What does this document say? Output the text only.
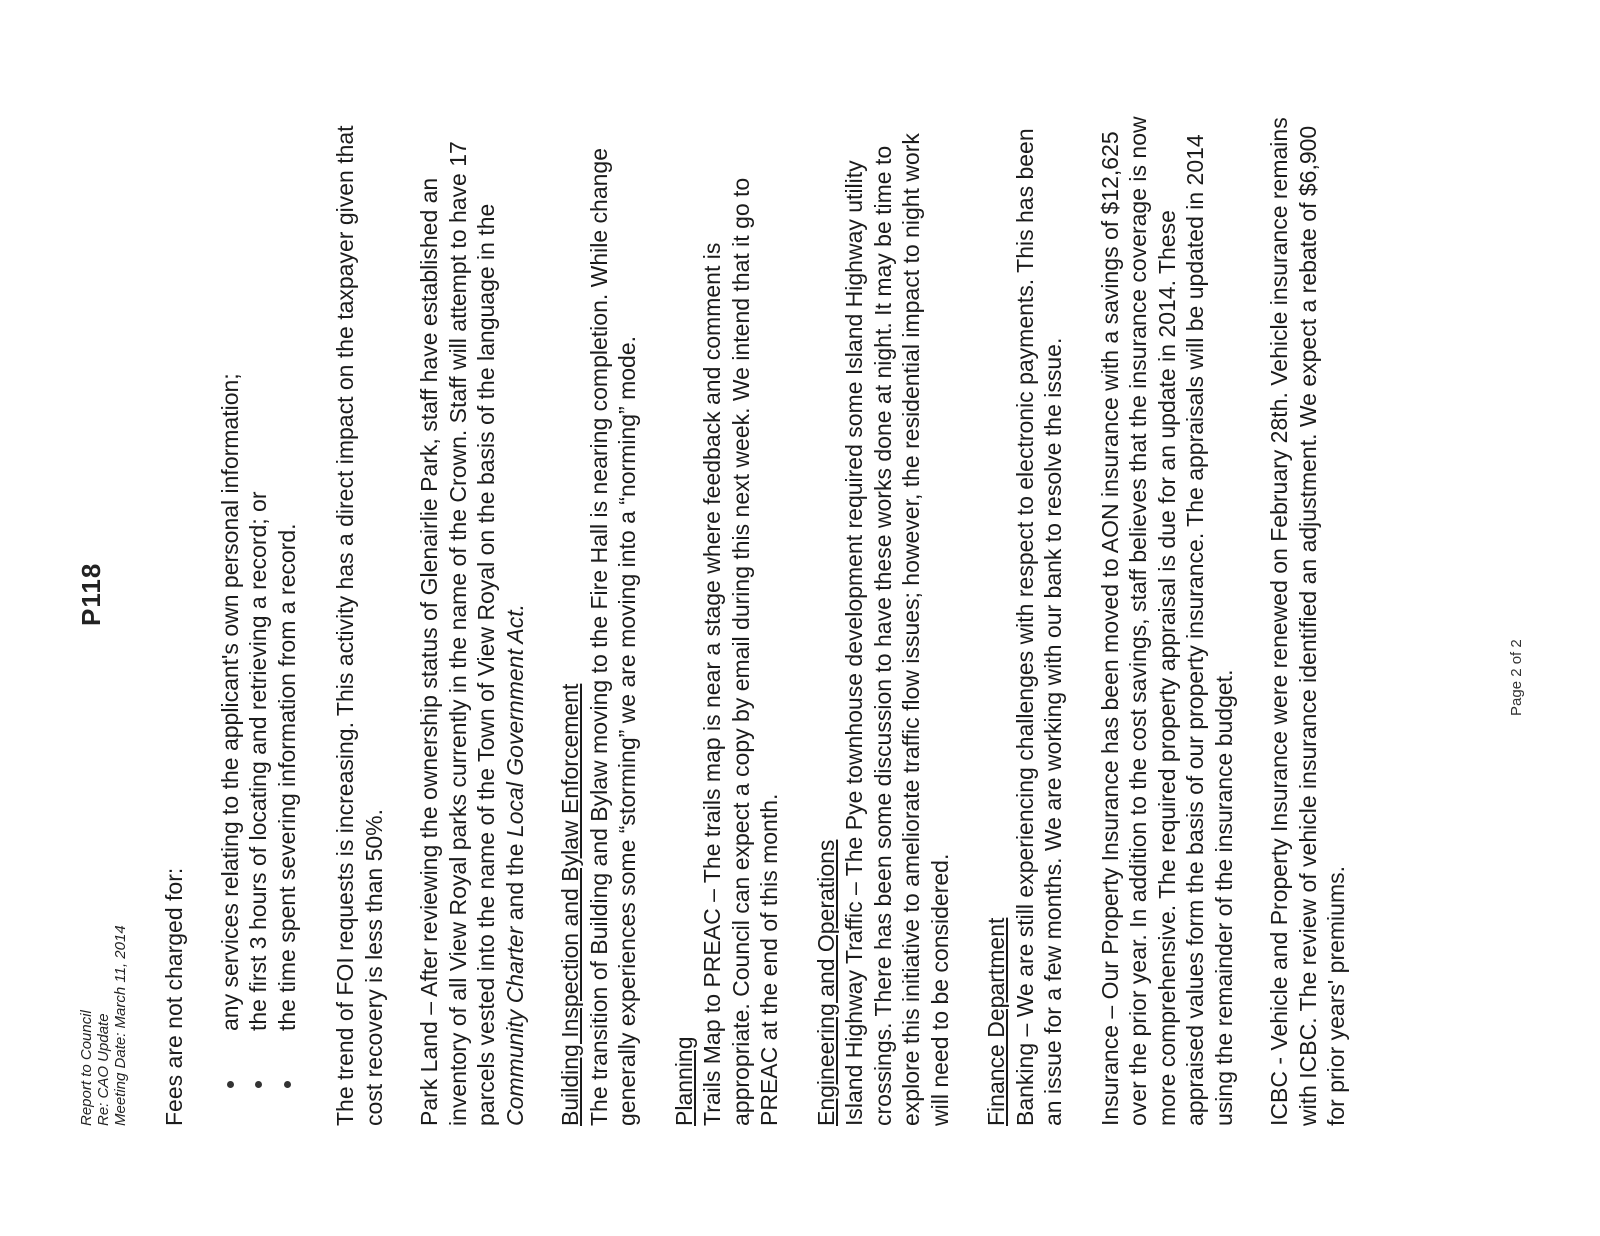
Report to Council Re: CAO Update Meeting Date: March 11, 2014
P118

Fees are not charged for: any services relating to the applicant's own personal information; the first 3 hours of locating and retrieving a record; or the time spent severing information from a record. The trend of FOI requests is increasing. This activity has a direct impact on the taxpayer given that cost recovery is less than 50%. Park Land – After reviewing the ownership status of Glenairlie Park, staff have established an inventory of all View Royal parks currently in the name of the Crown. Staff will attempt to have 17 parcels vested into the name of the Town of View Royal on the basis of the language in the Community Charter and the Local Government Act. Building Inspection and Bylaw Enforcement The transition of Building and Bylaw moving to the Fire Hall is nearing completion. While change generally experiences some “storming” we are moving into a “norming” mode. Planning Trails Map to PREAC – The trails map is near a stage where feedback and comment is appropriate. Council can expect a copy by email during this next week. We intend that it go to PREAC at the end of this month. Engineering and Operations Island Highway Traffic – The Pye townhouse development required some Island Highway utility crossings. There has been some discussion to have these works done at night. It may be time to explore this initiative to ameliorate traffic flow issues; however, the residential impact to night work will need to be considered. Finance Department Banking – We are still experiencing challenges with respect to electronic payments. This has been an issue for a few months. We are working with our bank to resolve the issue. Insurance – Our Property Insurance has been moved to AON insurance with a savings of $12,625 over the prior year. In addition to the cost savings, staff believes that the insurance coverage is now more comprehensive. The required property appraisal is due for an update in 2014. These appraised values form the basis of our property insurance. The appraisals will be updated in 2014 using the remainder of the insurance budget. ICBC - Vehicle and Property Insurance were renewed on February 28th. Vehicle insurance remains with ICBC. The review of vehicle insurance identified an adjustment. We expect a rebate of $6,900 for prior years' premiums.

Page 2 of 2
